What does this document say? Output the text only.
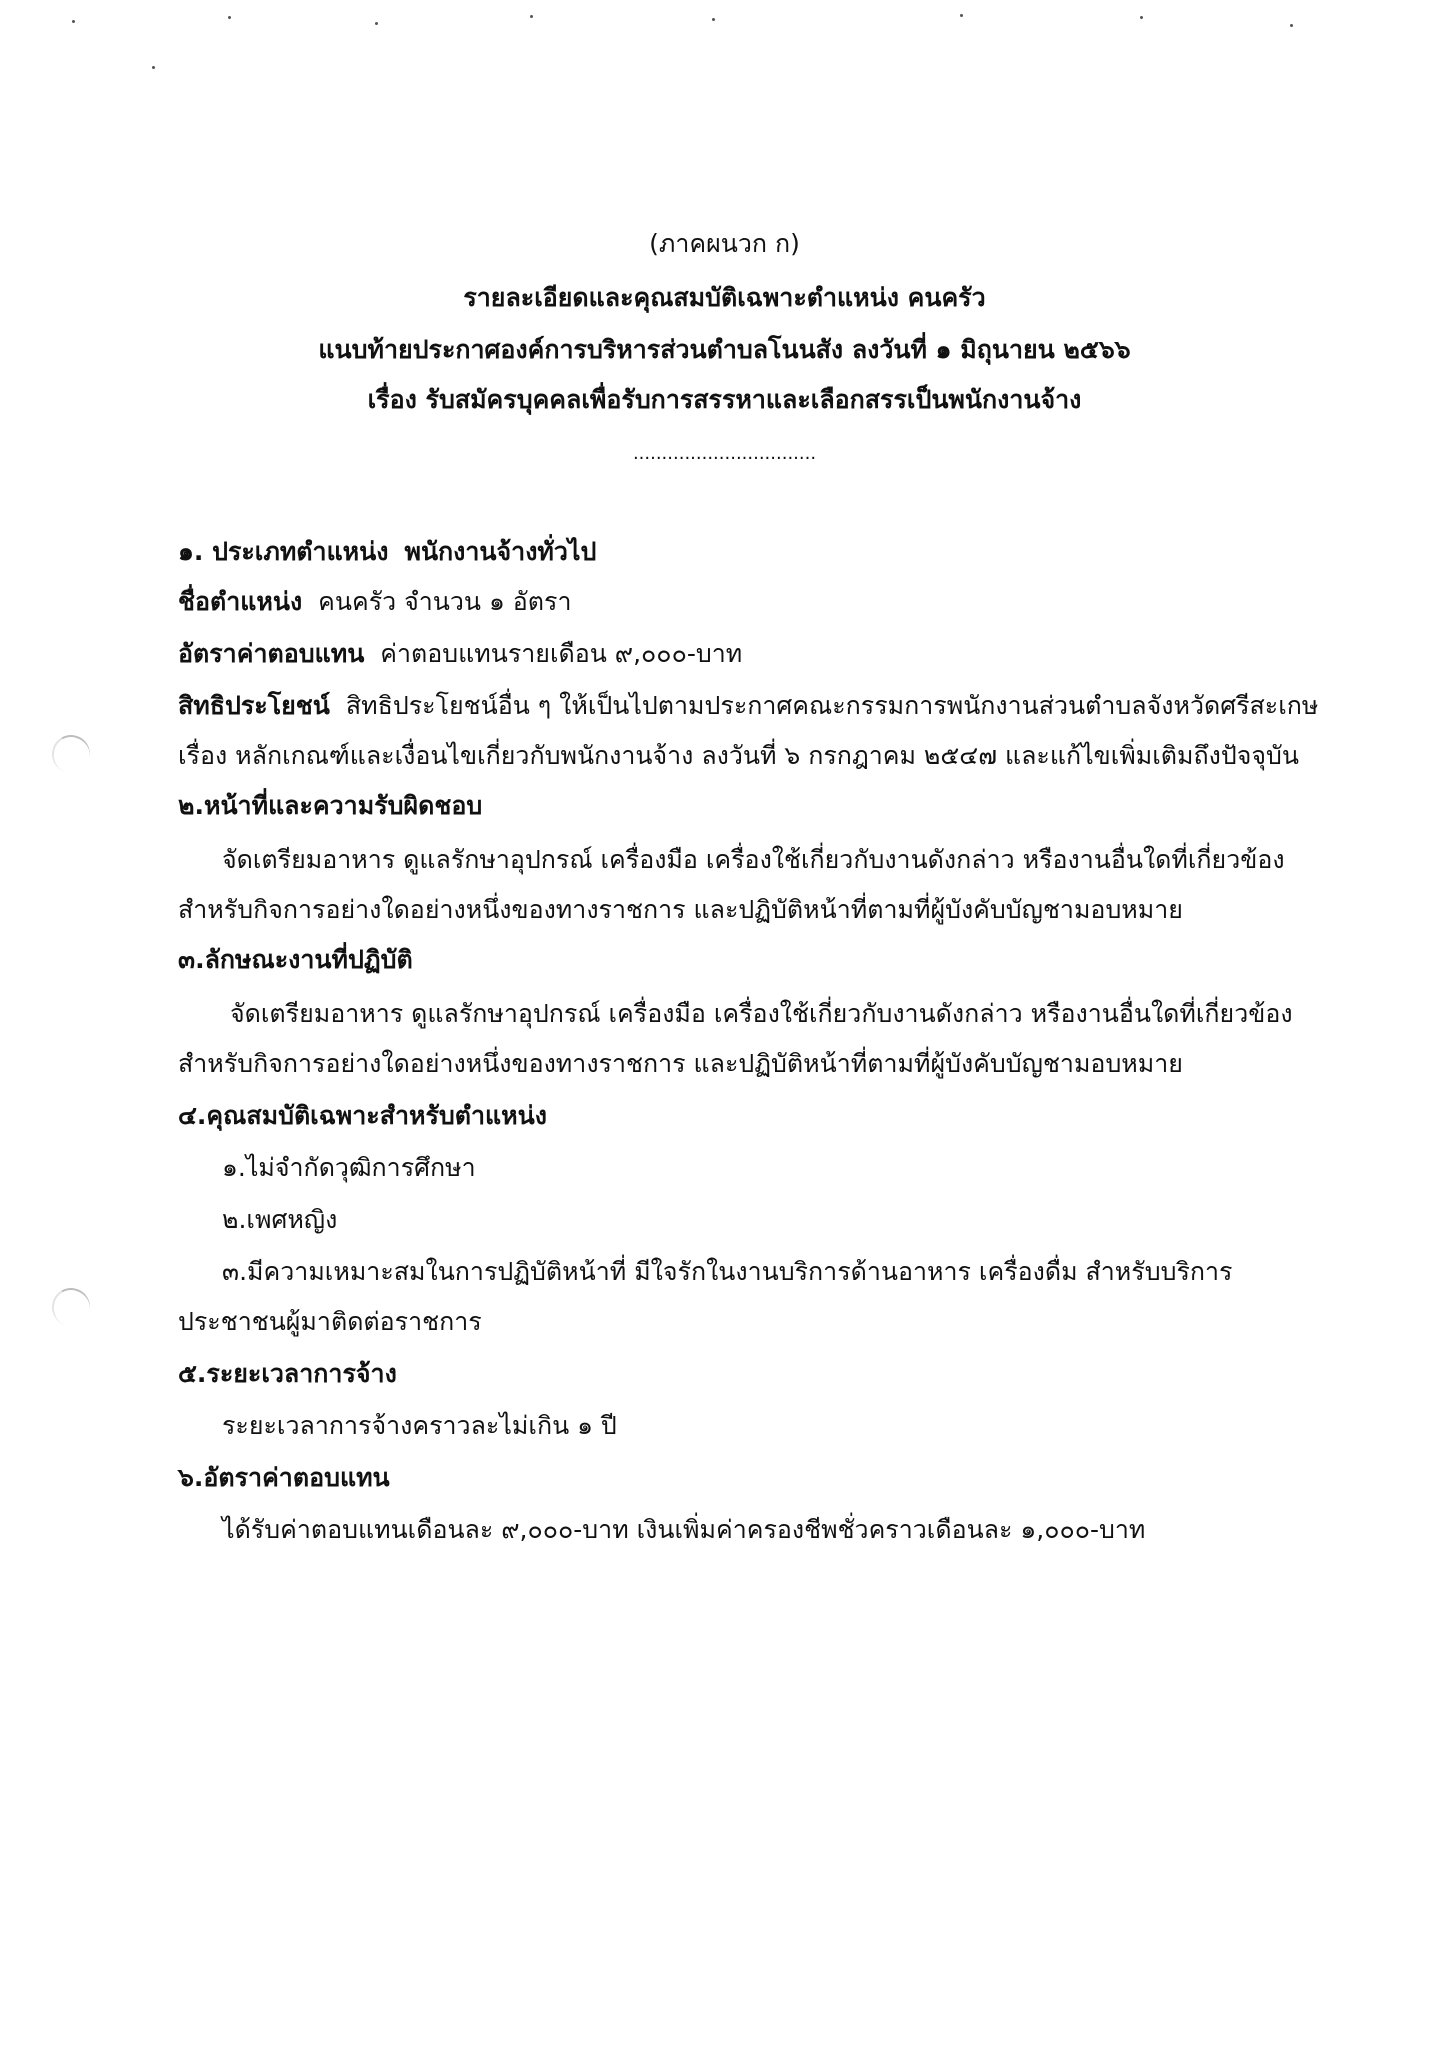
(ภาคผนวก ก)
รายละเอียดและคุณสมบัติเฉพาะตำแหน่ง คนครัว
แนบท้ายประกาศองค์การบริหารส่วนตำบลโนนสัง ลงวันที่ ๑ มิถุนายน ๒๕๖๖
เรื่อง รับสมัครบุคคลเพื่อรับการสรรหาและเลือกสรรเป็นพนักงานจ้าง
................................
๑. ประเภทตำแหน่ง พนักงานจ้างทั่วไป
ชื่อตำแหน่ง คนครัว จำนวน ๑ อัตรา
อัตราค่าตอบแทน ค่าตอบแทนรายเดือน ๙,๐๐๐-บาท
สิทธิประโยชน์ สิทธิประโยชน์อื่น ๆ ให้เป็นไปตามประกาศคณะกรรมการพนักงานส่วนตำบลจังหวัดศรีสะเกษ
เรื่อง หลักเกณฑ์และเงื่อนไขเกี่ยวกับพนักงานจ้าง ลงวันที่ ๖ กรกฎาคม ๒๕๔๗ และแก้ไขเพิ่มเติมถึงปัจจุบัน
๒.หน้าที่และความรับผิดชอบ
จัดเตรียมอาหาร ดูแลรักษาอุปกรณ์ เครื่องมือ เครื่องใช้เกี่ยวกับงานดังกล่าว หรืองานอื่นใดที่เกี่ยวข้อง
สำหรับกิจการอย่างใดอย่างหนึ่งของทางราชการ และปฏิบัติหน้าที่ตามที่ผู้บังคับบัญชามอบหมาย
๓.ลักษณะงานที่ปฏิบัติ
จัดเตรียมอาหาร ดูแลรักษาอุปกรณ์ เครื่องมือ เครื่องใช้เกี่ยวกับงานดังกล่าว หรืองานอื่นใดที่เกี่ยวข้อง
สำหรับกิจการอย่างใดอย่างหนึ่งของทางราชการ และปฏิบัติหน้าที่ตามที่ผู้บังคับบัญชามอบหมาย
๔.คุณสมบัติเฉพาะสำหรับตำแหน่ง
๑.ไม่จำกัดวุฒิการศึกษา
๒.เพศหญิง
๓.มีความเหมาะสมในการปฏิบัติหน้าที่ มีใจรักในงานบริการด้านอาหาร เครื่องดื่ม สำหรับบริการ
ประชาชนผู้มาติดต่อราชการ
๕.ระยะเวลาการจ้าง
ระยะเวลาการจ้างคราวละไม่เกิน ๑ ปี
๖.อัตราค่าตอบแทน
ได้รับค่าตอบแทนเดือนละ ๙,๐๐๐-บาท เงินเพิ่มค่าครองชีพชั่วคราวเดือนละ ๑,๐๐๐-บาท
